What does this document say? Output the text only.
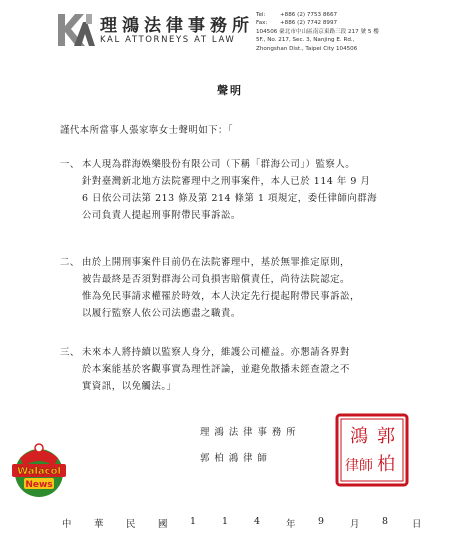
理鴻法律事務所
KAL ATTORNEYS AT LAW
Tel:	+886 (2) 7753 8667
Fax: +886 (2) 7742 8997
104506 臺北市中山區南京東路三段 217 號 5 樓
5F., No. 217, Sec. 3, Nanjing E. Rd.,
Zhongshan Dist., Taipei City 104506
聲明
謹代本所當事人張家寧女士聲明如下：「
一、 本人現為群海娛樂股份有限公司（下稱「群海公司」）監察人。
針對臺灣新北地方法院審理中之刑事案件，本人已於 114 年 9 月
6 日依公司法第 213 條及第 214 條第 1 項規定，委任律師向群海
公司負責人提起刑事附帶民事訴訟。
二、 由於上開刑事案件目前仍在法院審理中，基於無罪推定原則，
被告最終是否須對群海公司負損害賠償責任，尚待法院認定。
惟為免民事請求權罹於時效，本人決定先行提起附帶民事訴訟，
以履行監察人依公司法應盡之職責。
三、 未來本人將持續以監察人身分，維護公司權益。亦懇請各界對
於本案能基於客觀事實為理性評論，並避免散播未經查證之不
實資訊，以免觸法。」
理鴻法律事務所
郭柏鴻律師
郭
柏
鴻
律師
Walacol
News
中 華 民 國 1	1	4	年 9	月 8	日
